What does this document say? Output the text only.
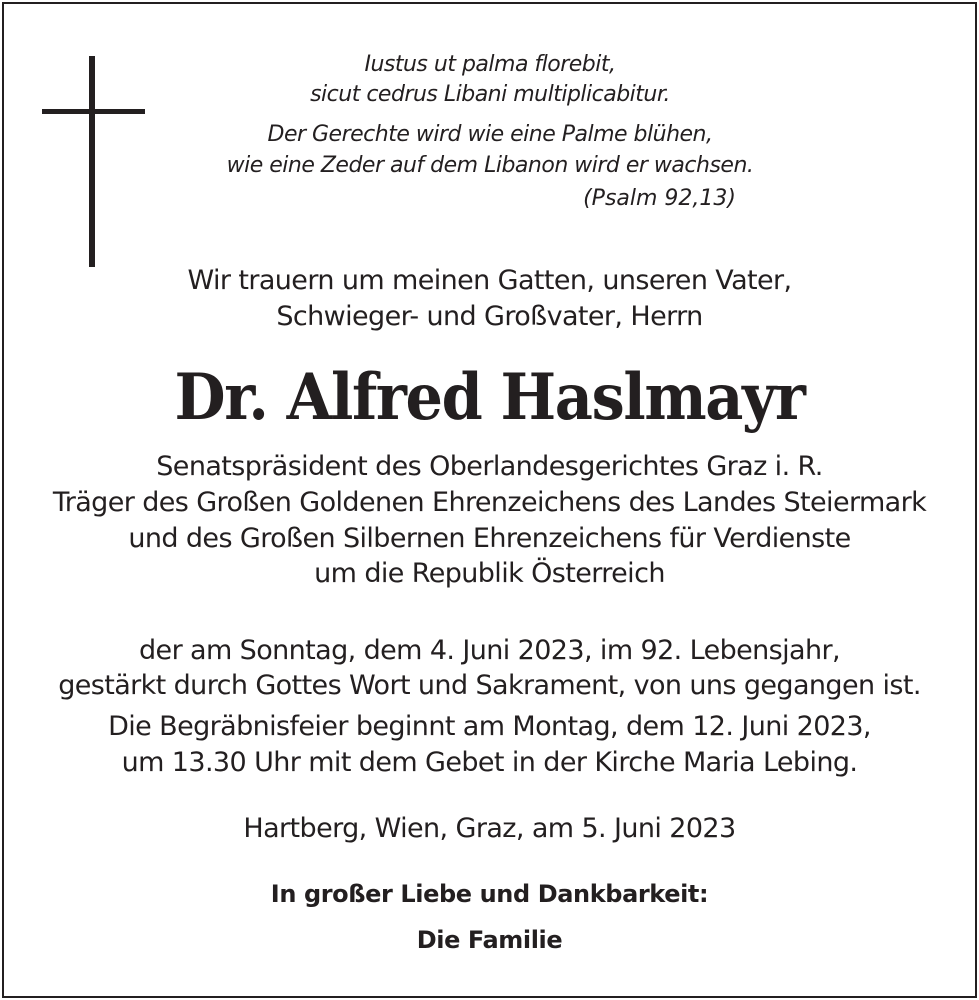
Iustus ut palma florebit,
sicut cedrus Libani multiplicabitur.
Der Gerechte wird wie eine Palme blühen,
wie eine Zeder auf dem Libanon wird er wachsen.
(Psalm 92,13)
Wir trauern um meinen Gatten, unseren Vater,
Schwieger- und Großvater, Herrn
Dr. Alfred Haslmayr
Senatspräsident des Oberlandesgerichtes Graz i. R.
Träger des Großen Goldenen Ehrenzeichens des Landes Steiermark
und des Großen Silbernen Ehrenzeichens für Verdienste
um die Republik Österreich
der am Sonntag, dem 4. Juni 2023, im 92. Lebensjahr,
gestärkt durch Gottes Wort und Sakrament, von uns gegangen ist.
Die Begräbnisfeier beginnt am Montag, dem 12. Juni 2023,
um 13.30 Uhr mit dem Gebet in der Kirche Maria Lebing.
Hartberg, Wien, Graz, am 5. Juni 2023
In großer Liebe und Dankbarkeit:
Die Familie
